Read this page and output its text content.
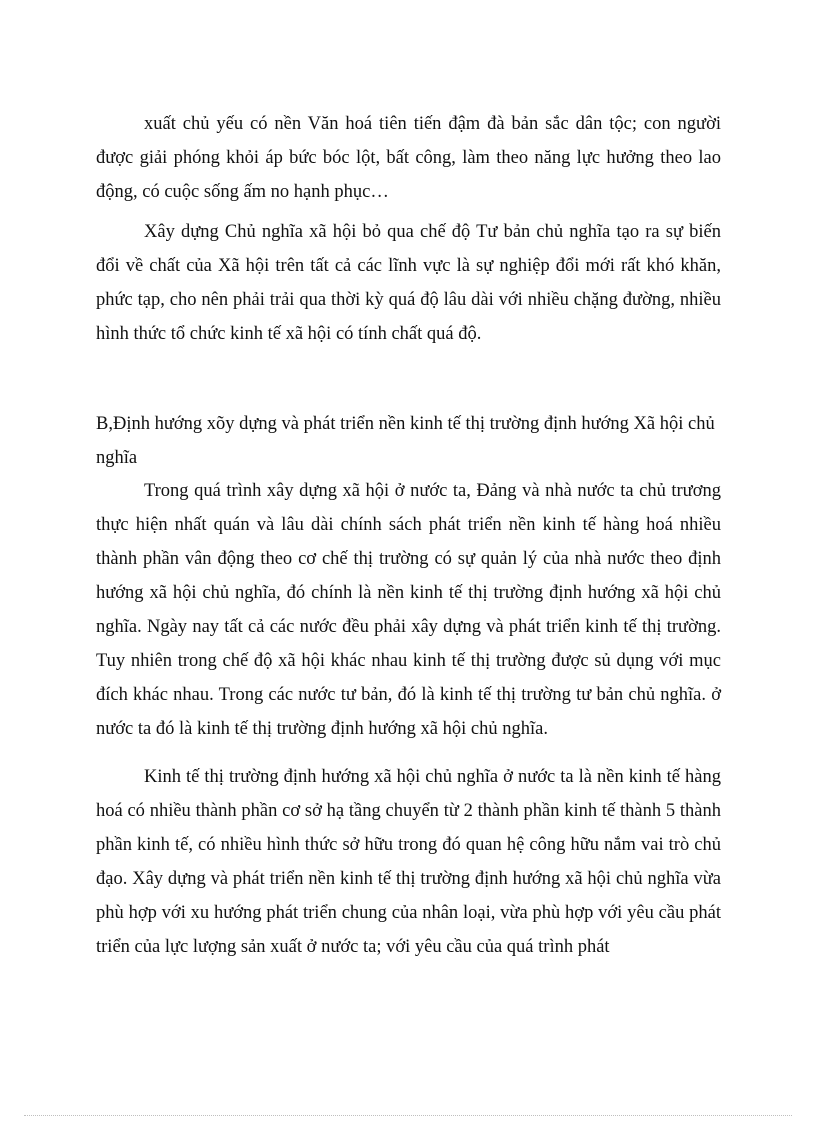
xuất chủ yếu có nền Văn hoá tiên tiến đậm đà bản sắc dân tộc; con người được giải phóng khỏi áp bức bóc lột, bất công, làm theo năng lực hưởng theo lao động, có cuộc sống ấm no hạnh phục…

Xây dựng Chủ nghĩa xã hội bỏ qua chế độ Tư bản chủ nghĩa tạo ra sự biến đổi về chất của Xã hội trên tất cả các lĩnh vực là sự nghiệp đổi mới rất khó khăn, phức tạp, cho nên phải trải qua thời kỳ quá độ lâu dài với nhiều chặng đường, nhiều hình thức tổ chức kinh tế xã hội có tính chất quá độ.

B,Định hướng xõy dựng và phát triển nền kinh tế thị trường định hướng Xã hội chủ nghĩa

Trong quá trình xây dựng xã hội ở nước ta, Đảng và nhà nước ta chủ trương thực hiện nhất quán và lâu dài chính sách phát triển nền kinh tế hàng hoá nhiều thành phần vân động theo cơ chế thị trường có sự quản lý của nhà nước theo định hướng xã hội chủ nghĩa, đó chính là nền kinh tế thị trường định hướng xã hội chủ nghĩa. Ngày nay tất cả các nước đều phải xây dựng và phát triển kinh tế thị trường. Tuy nhiên trong chế độ xã hội khác nhau kinh tế thị trường được sủ dụng với mục đích khác nhau. Trong các nước tư bản, đó là kinh tế thị trường tư bản chủ nghĩa. ở nước ta đó là kinh tế thị trường định hướng xã hội chủ nghĩa.

Kinh tế thị trường định hướng xã hội chủ nghĩa ở nước ta là nền kinh tế hàng hoá có nhiều thành phần cơ sở hạ tầng chuyển từ 2 thành phần kinh tế thành 5 thành phần kinh tế, có nhiều hình thức sở hữu trong đó quan hệ công hữu nắm vai trò chủ đạo. Xây dựng và phát triển nền kinh tế thị trường định hướng xã hội chủ nghĩa vừa phù hợp với xu hướng phát triển chung của nhân loại, vừa phù hợp với yêu cầu phát triển của lực lượng sản xuất ở nước ta; với yêu cầu của quá trình phát
